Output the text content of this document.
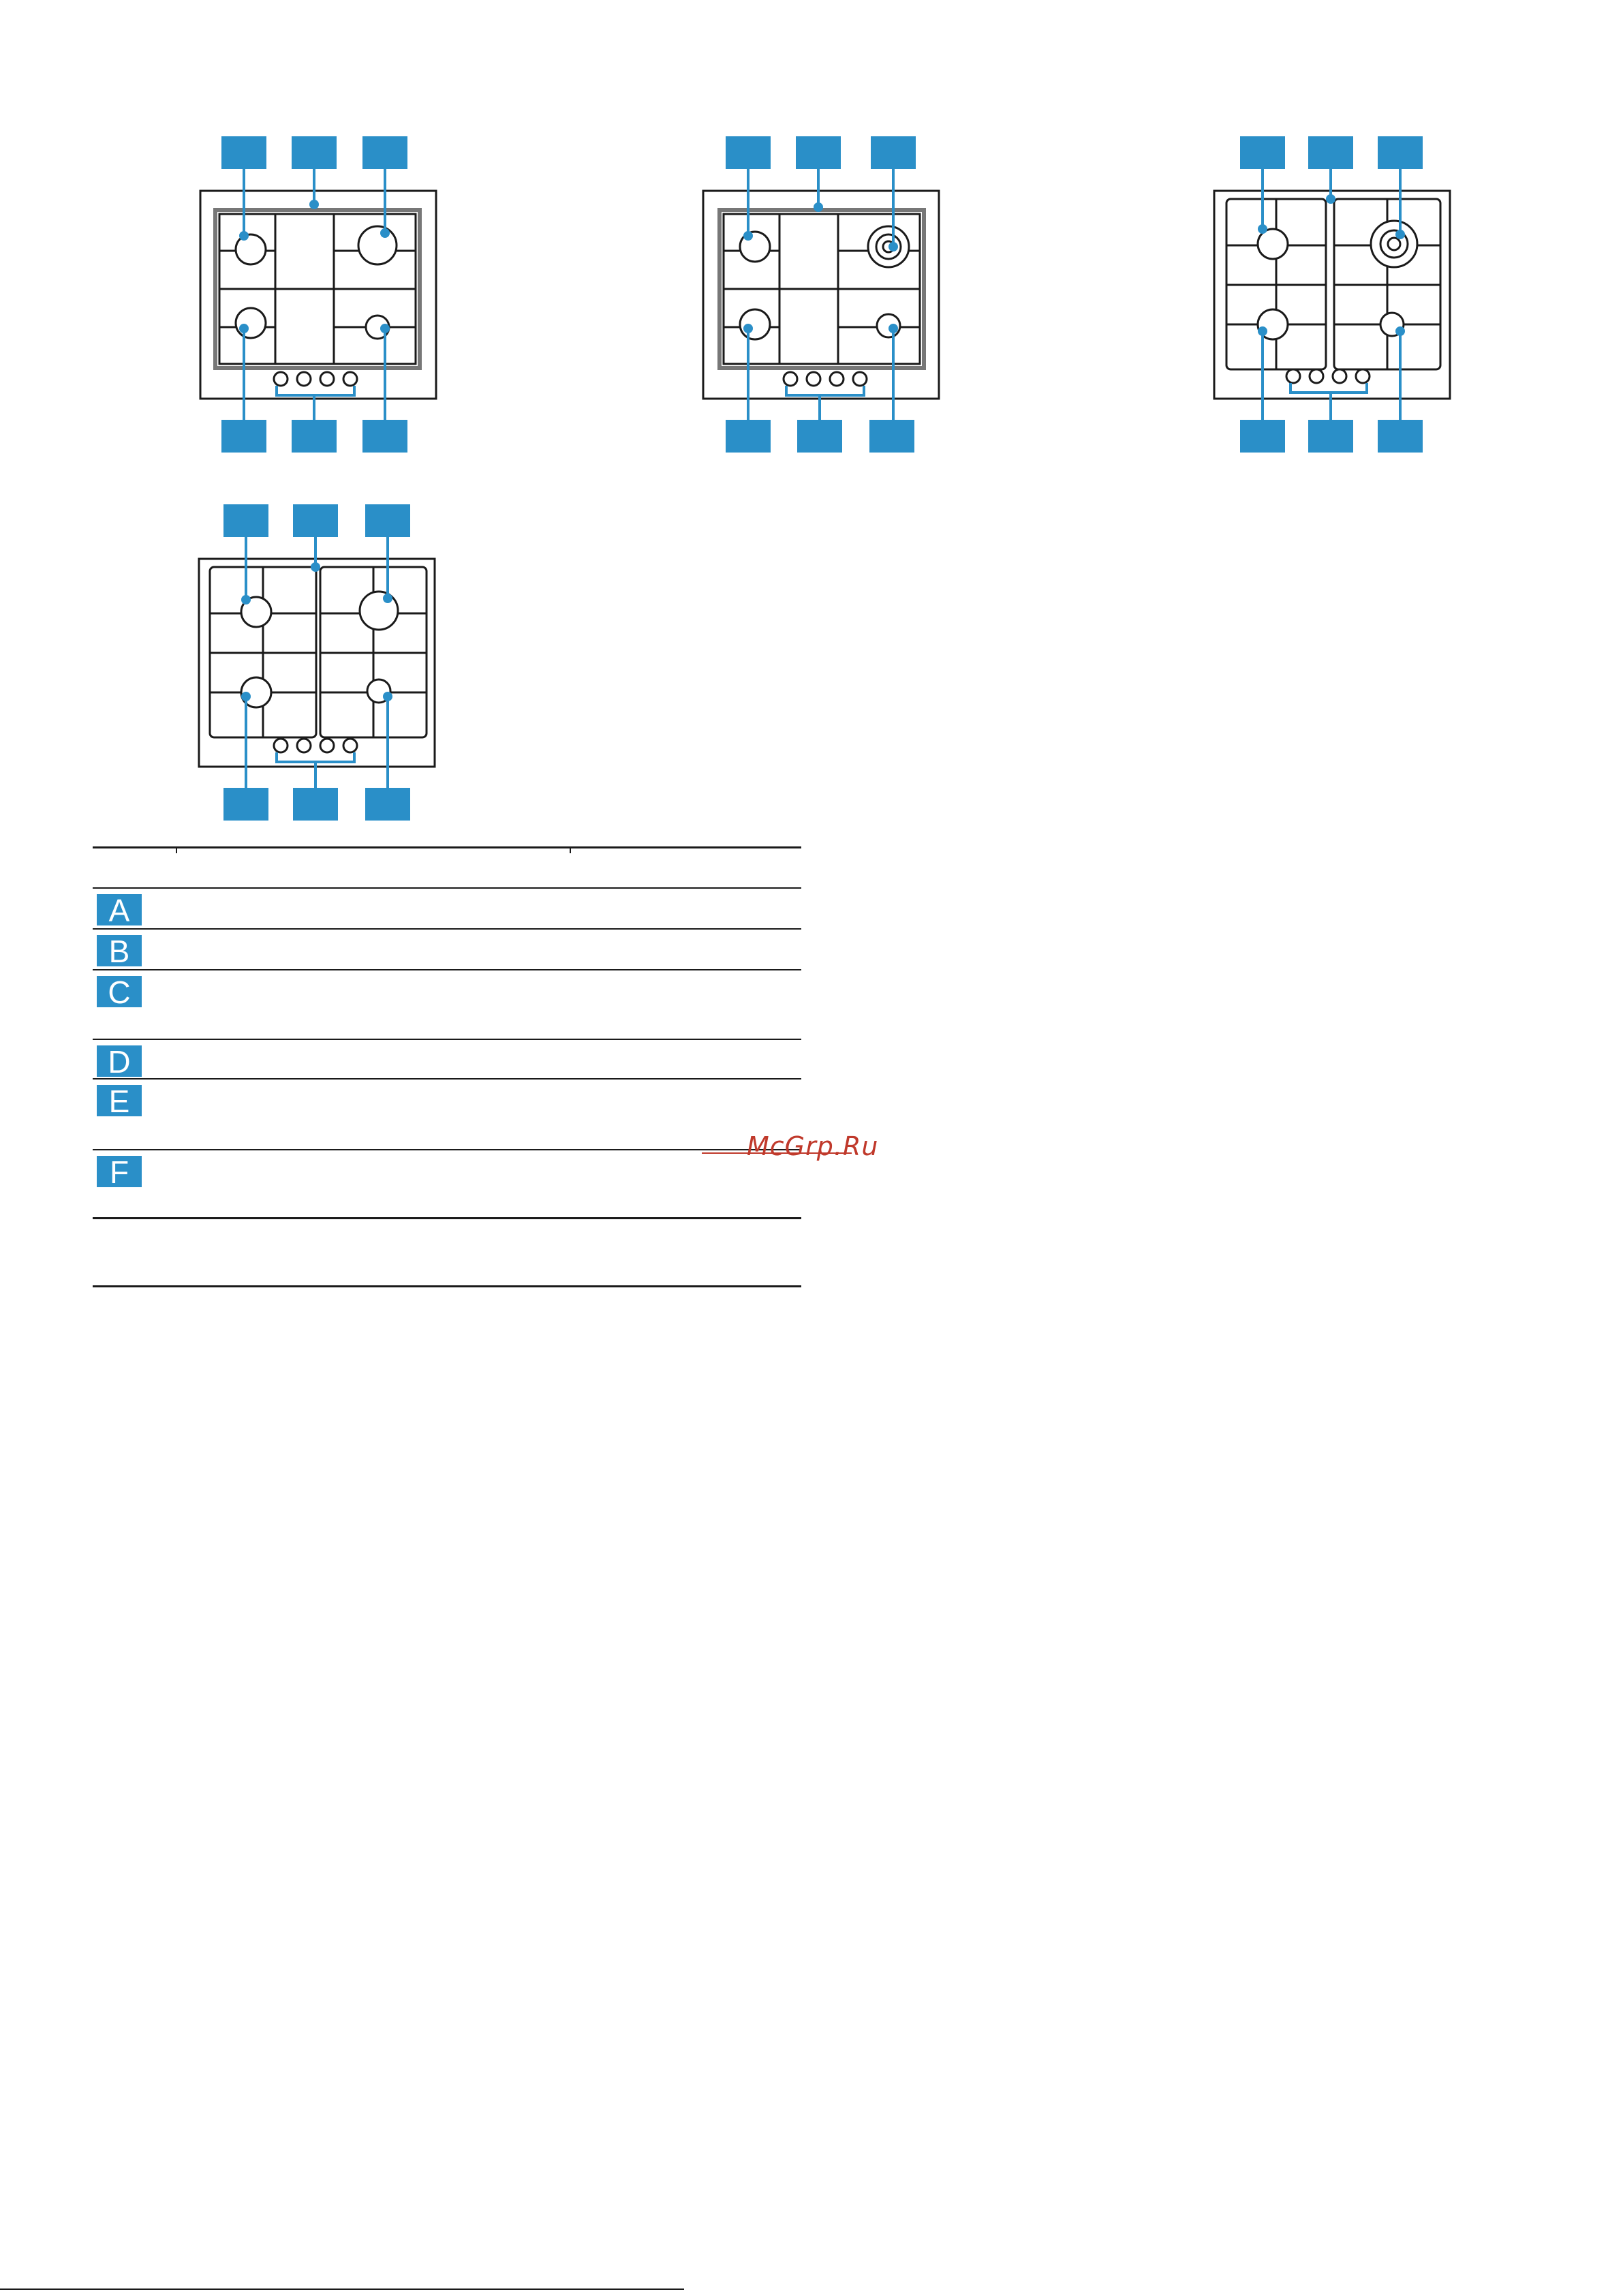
A
B
C
D
E
F
McGrp.Ru
